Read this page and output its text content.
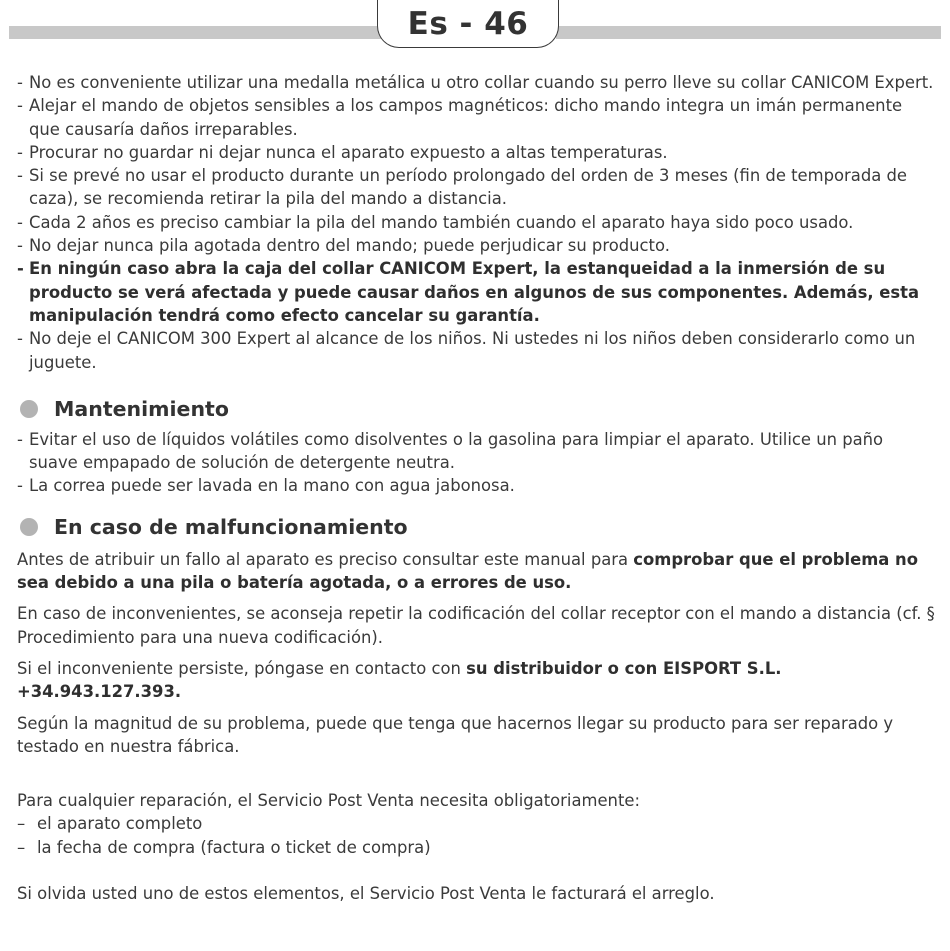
Es - 46

- No es conveniente utilizar una medalla metálica u otro collar cuando su perro lleve su collar CANICOM Expert.

- Alejar el mando de objetos sensibles a los campos magnéticos: dicho mando integra un imán permanente que causaría daños irreparables.

- Procurar no guardar ni dejar nunca el aparato expuesto a altas temperaturas.

- Si se prevé no usar el producto durante un período prolongado del orden de 3 meses (fin de temporada de caza), se recomienda retirar la pila del mando a distancia.

- Cada 2 años es preciso cambiar la pila del mando también cuando el aparato haya sido poco usado.

- No dejar nunca pila agotada dentro del mando; puede perjudicar su producto.

- En ningún caso abra la caja del collar CANICOM Expert, la estanqueidad a la inmersión de su producto se verá afectada y puede causar daños en algunos de sus componentes. Además, esta manipulación tendrá como efecto cancelar su garantía.

- No deje el CANICOM 300 Expert al alcance de los niños. Ni ustedes ni los niños deben considerarlo como un juguete.

Mantenimiento

- Evitar el uso de líquidos volátiles como disolventes o la gasolina para limpiar el aparato. Utilice un paño suave empapado de solución de detergente neutra.

- La correa puede ser lavada en la mano con agua jabonosa.

En caso de malfuncionamiento

Antes de atribuir un fallo al aparato es preciso consultar este manual para comprobar que el problema no sea debido a una pila o batería agotada, o a errores de uso.

En caso de inconvenientes, se aconseja repetir la codificación del collar receptor con el mando a distancia (cf. § Procedimiento para una nueva codificación).

Si el inconveniente persiste, póngase en contacto con su distribuidor o con EISPORT S.L. +34.943.127.393.

Según la magnitud de su problema, puede que tenga que hacernos llegar su producto para ser reparado y testado en nuestra fábrica.

Para cualquier reparación, el Servicio Post Venta necesita obligatoriamente:

– el aparato completo

– la fecha de compra (factura o ticket de compra)

Si olvida usted uno de estos elementos, el Servicio Post Venta le facturará el arreglo.
